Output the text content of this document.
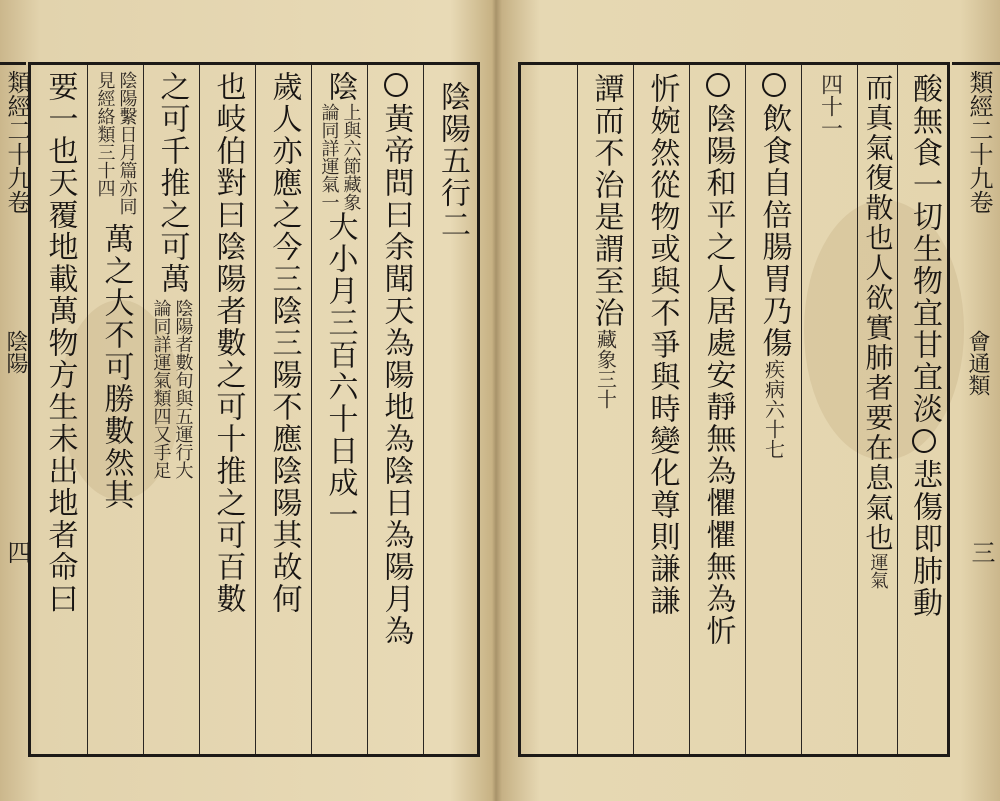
陰陽五行
二
黃帝問曰余聞天為陽地為陰日為陽月為
陰
上與六節藏象
論同詳運氣一
大小月三百六十日成一
歲人亦應之今三陰三陽不應陰陽其故何
也岐伯對曰陰陽者數之可十推之可百數
之可千推之可萬
陰陽者數旬與五運行大
論同詳運氣類四又手足
陰陽繫日月篇亦同
見經絡類三十四
萬之大不可勝數然其
要一也天覆地載萬物方生未出地者命曰
類經二十九卷
陰陽
四
酸無食一切生物宜甘宜淡
悲傷即肺動
而真氣復散也人欲實肺者要在息氣也
運氣
四十一
飲食自倍腸胃乃傷
疾病六十七
陰陽和平之人居處安靜無為懼懼無為忻
忻婉然從物或與不爭與時變化尊則謙謙
譚而不治是謂至治
藏象三十
類經二十九卷
會通類
三
